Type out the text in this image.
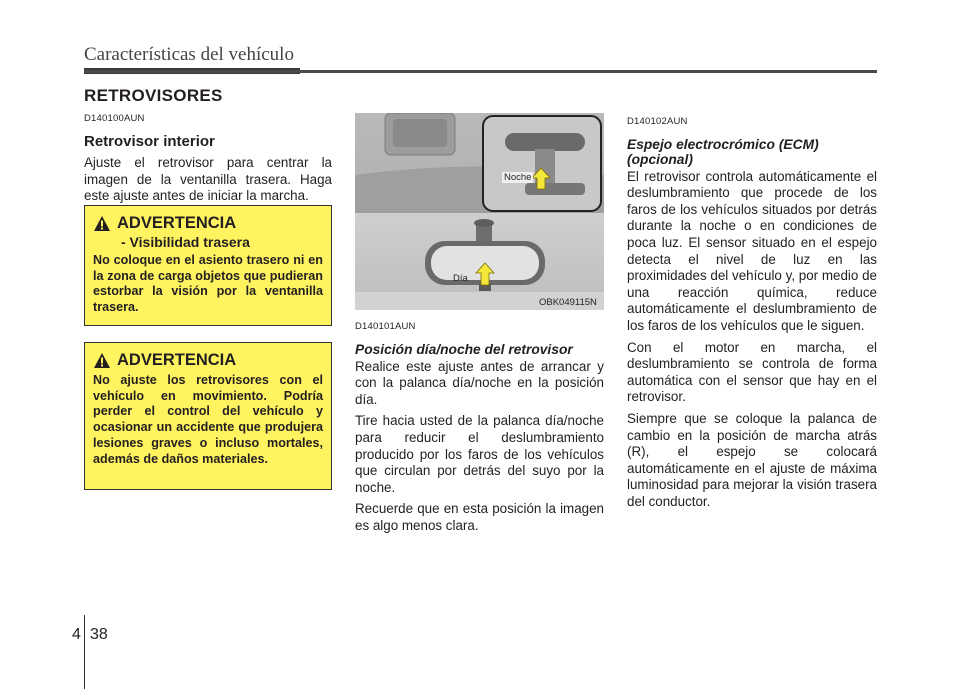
Características del vehículo
RETROVISORES
D140100AUN
Retrovisor interior

Ajuste el retrovisor para centrar la imagen de la ventanilla trasera. Haga este ajuste antes de iniciar la marcha.

ADVERTENCIA
- Visibilidad trasera
No coloque en el asiento trasero ni en la zona de carga objetos que pudieran estorbar la visión por la ventanilla trasera.
ADVERTENCIA
No ajuste los retrovisores con el vehículo en movimiento. Podría perder el control del vehículo y ocasionar un accidente que produjera lesiones graves o incluso mortales, además de daños materiales.
Noche
Día
OBK049115N
D140101AUN
Posición día/noche del retrovisor

Realice este ajuste antes de arrancar y con la palanca día/noche en la posición día.

Tire hacia usted de la palanca día/noche para reducir el deslumbramiento producido por los faros de los vehículos que circulan por detrás del suyo por la noche.

Recuerde que en esta posición la imagen es algo menos clara.

D140102AUN
Espejo electrocrómico (ECM) (opcional)

El retrovisor controla automáticamente el deslumbramiento que procede de los faros de los vehículos situados por detrás durante la noche o en condiciones de poca luz. El sensor situado en el espejo detecta el nivel de luz en las proximidades del vehículo y, por medio de una reacción química, reduce automáticamente el deslumbramiento de los faros de los vehículos que le siguen.

Con el motor en marcha, el deslumbramiento se controla de forma automática con el sensor que hay en el retrovisor.

Siempre que se coloque la palanca de cambio en la posición de marcha atrás (R), el espejo se colocará automáticamente en el ajuste de máxima luminosidad para mejorar la visión trasera del conductor.

4 38
